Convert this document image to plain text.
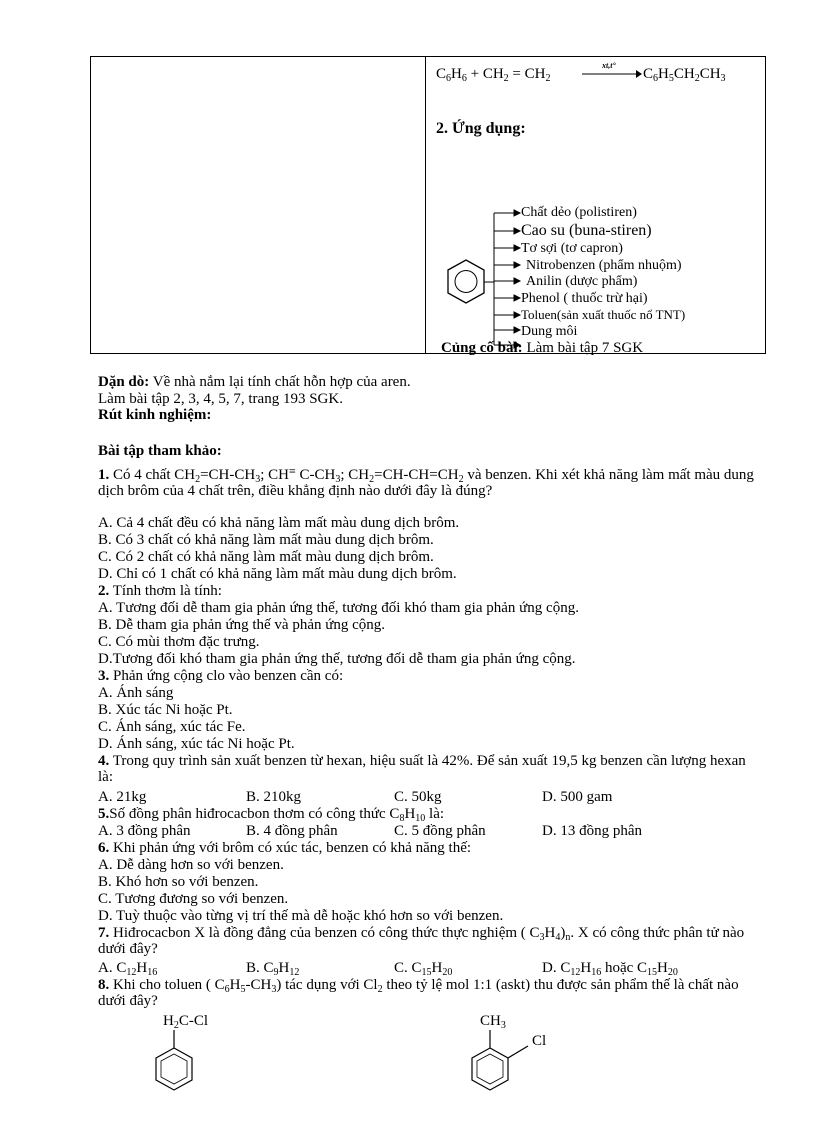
$C_6H_6 + CH_2 = CH_2$
xt,t°
$C_6H_5CH_2CH_3$
2. Ứng dụng:
Chất dẻo (polistiren)
Cao su (buna-stiren)
Tơ sợi (tơ capron)
Nitrobenzen (phẩm nhuộm)
Anilin (dược phẩm)
Phenol ( thuốc trừ hại)
Toluen(sản xuất thuốc nổ TNT)
Dung môi
Củng cố bài: Làm bài tập 7 SGK
Dặn dò: Về nhà nắm lại tính chất hỗn hợp của aren.
Làm bài tập 2, 3, 4, 5, 7, trang 193 SGK.
Rút kinh nghiệm:
Bài tập tham khảo:
1. Có 4 chất $CH_2=CH-CH_3$; CH≡ $C-CH_3$; $CH_2=CH-CH=CH_2$ và benzen. Khi xét khả năng làm mất màu dung dịch brôm của 4 chất trên, điều khẳng định nào dưới đây là đúng?
A. Cả 4 chất đều có khả năng làm mất màu dung dịch brôm.
B. Có 3 chất có khả năng làm mất màu dung dịch brôm.
C. Có 2 chất có khả năng làm mất màu dung dịch brôm.
D. Chỉ có 1 chất có khả năng làm mất màu dung dịch brôm.
2. Tính thơm là tính:
A. Tương đối dễ tham gia phản ứng thế, tương đối khó tham gia phản ứng cộng.
B. Dễ tham gia phản ứng thế và phản ứng cộng.
C. Có mùi thơm đặc trưng.
D.Tương đối khó tham gia phản ứng thế, tương đối dễ tham gia phản ứng cộng.
3. Phản ứng cộng clo vào benzen cần có:
A. Ánh sáng
B. Xúc tác Ni hoặc Pt.
C. Ánh sáng, xúc tác Fe.
D. Ánh sáng, xúc tác Ni hoặc Pt.
4. Trong quy trình sản xuất benzen từ hexan, hiệu suất là 42%. Để sản xuất 19,5 kg benzen cần lượng hexan là:
A. 21kg	B. 210kg	C. 50kg	D. 500 gam
5.Số đồng phân hiđrocacbon thơm có công thức $C_8H_{10}$ là:
A. 3 đồng phân	B. 4 đồng phân	C. 5 đồng phân	D. 13 đồng phân
6. Khi phản ứng với brôm có xúc tác, benzen có khả năng thế:
A. Dễ dàng hơn so với benzen.
B. Khó hơn so với benzen.
C. Tương đương so với benzen.
D. Tuỳ thuộc vào từng vị trí thế mà dễ hoặc khó hơn so với benzen.
7. Hiđrocacbon X là đồng đẳng của benzen có công thức thực nghiệm ( $C_3H_4)_n$. X có công thức phân tử nào dưới đây?
A. $C_{12}H_{16}$	B. $C_9H_{12}$	C. $C_{15}H_{20}$	D. $C_{12}H_{16}$ hoặc $C_{15}H_{20}$
8. Khi cho toluen ( $C_6H_5-CH_3$) tác dụng với $Cl_2$ theo tỷ lệ mol 1:1 (askt) thu được sản phẩm thế là chất nào dưới đây?
$H_2C-Cl$	$CH_3$
Cl
